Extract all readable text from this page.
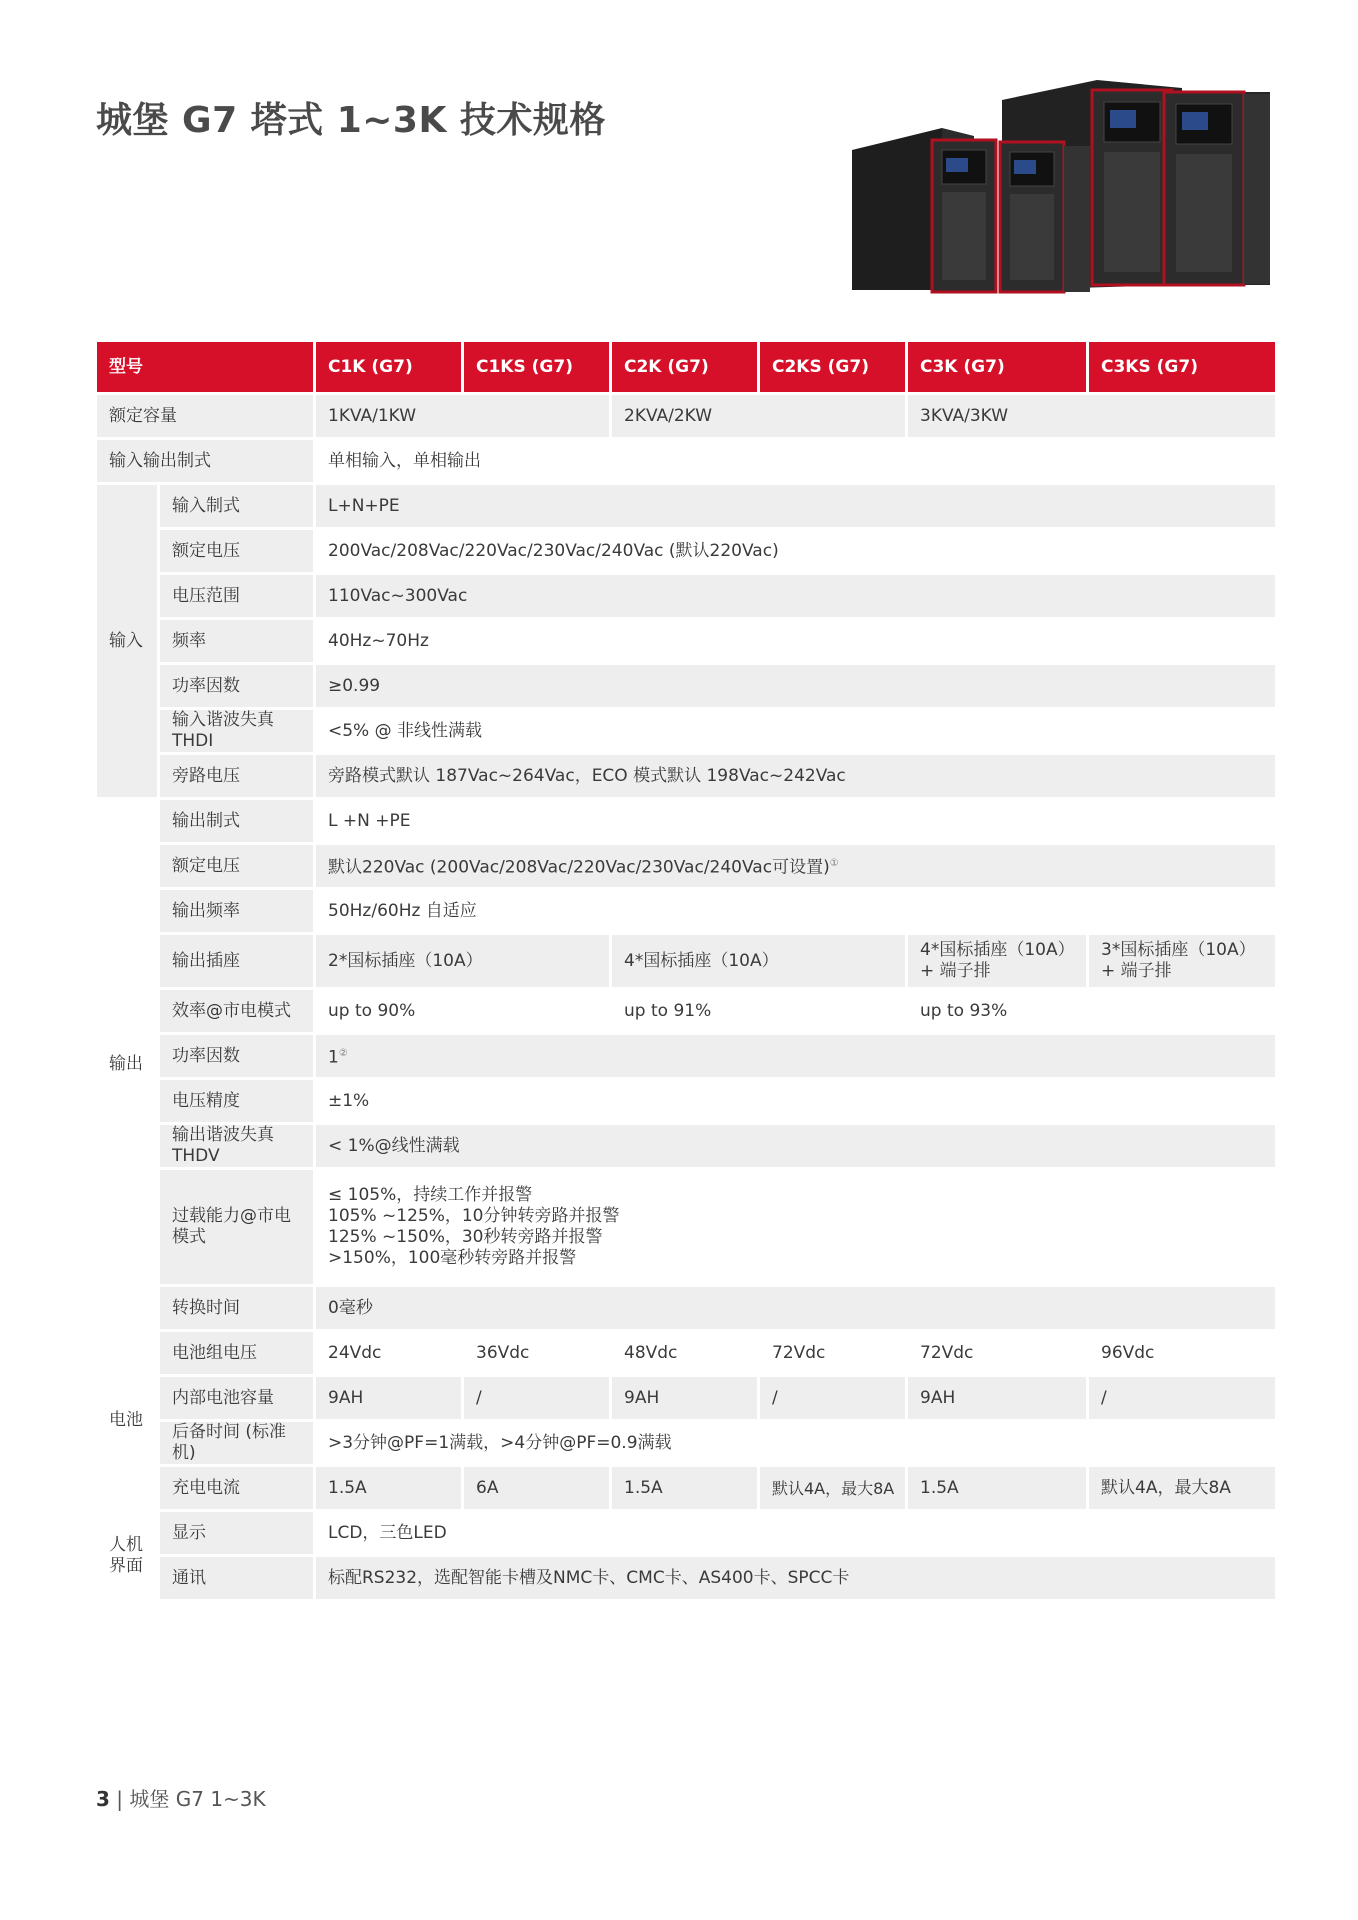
城堡 G7 塔式 1~3K 技术规格
型号		C1K (G7)	C1KS (G7)	C2K (G7)	C2KS (G7)	C3K (G7)	C3KS (G7)
额定容量		1KVA/1KW		2KVA/2KW		3KVA/3KW	
输入输出制式		单相输入，单相输出					
输入	输入制式	L+N+PE					
	额定电压	200Vac/208Vac/220Vac/230Vac/240Vac (默认220Vac)					
	电压范围	110Vac~300Vac					
	频率	40Hz~70Hz					
	功率因数	≥0.99					
	输入谐波失真 THDI	<5% @ 非线性满载					
	旁路电压	旁路模式默认 187Vac~264Vac，ECO 模式默认 198Vac~242Vac					
输出	输出制式	L +N +PE					
	额定电压	默认220Vac (200Vac/208Vac/220Vac/230Vac/240Vac可设置)①
	输出频率	50Hz/60Hz 自适应					
	输出插座	2*国标插座（10A）		4*国标插座（10A）		4*国标插座（10A）+ 端子排	3*国标插座（10A）+ 端子排
	效率@市电模式	up to 90%		up to 91%		up to 93%	
	功率因数	1②
	电压精度	±1%					
	输出谐波失真 THDV	< 1%@线性满载					
	过载能力@市电模式	≤ 105%，持续工作并报警
105% ~125%，10分钟转旁路并报警
125% ~150%，30秒转旁路并报警
>150%，100毫秒转旁路并报警					

	转换时间	0毫秒					
电池	电池组电压	24Vdc	36Vdc	48Vdc	72Vdc	72Vdc	96Vdc
	内部电池容量	9AH	/	9AH	/	9AH	/
	后备时间 (标准机)	>3分钟@PF=1满载，>4分钟@PF=0.9满载					
	充电电流	1.5A	6A	1.5A	默认4A，最大8A	1.5A	默认4A，最大8A
人机界面	显示	LCD，三色LED					
	通讯	标配RS232，选配智能卡槽及NMC卡、CMC卡、AS400卡、SPCC卡					
3 | 城堡 G7 1~3K
